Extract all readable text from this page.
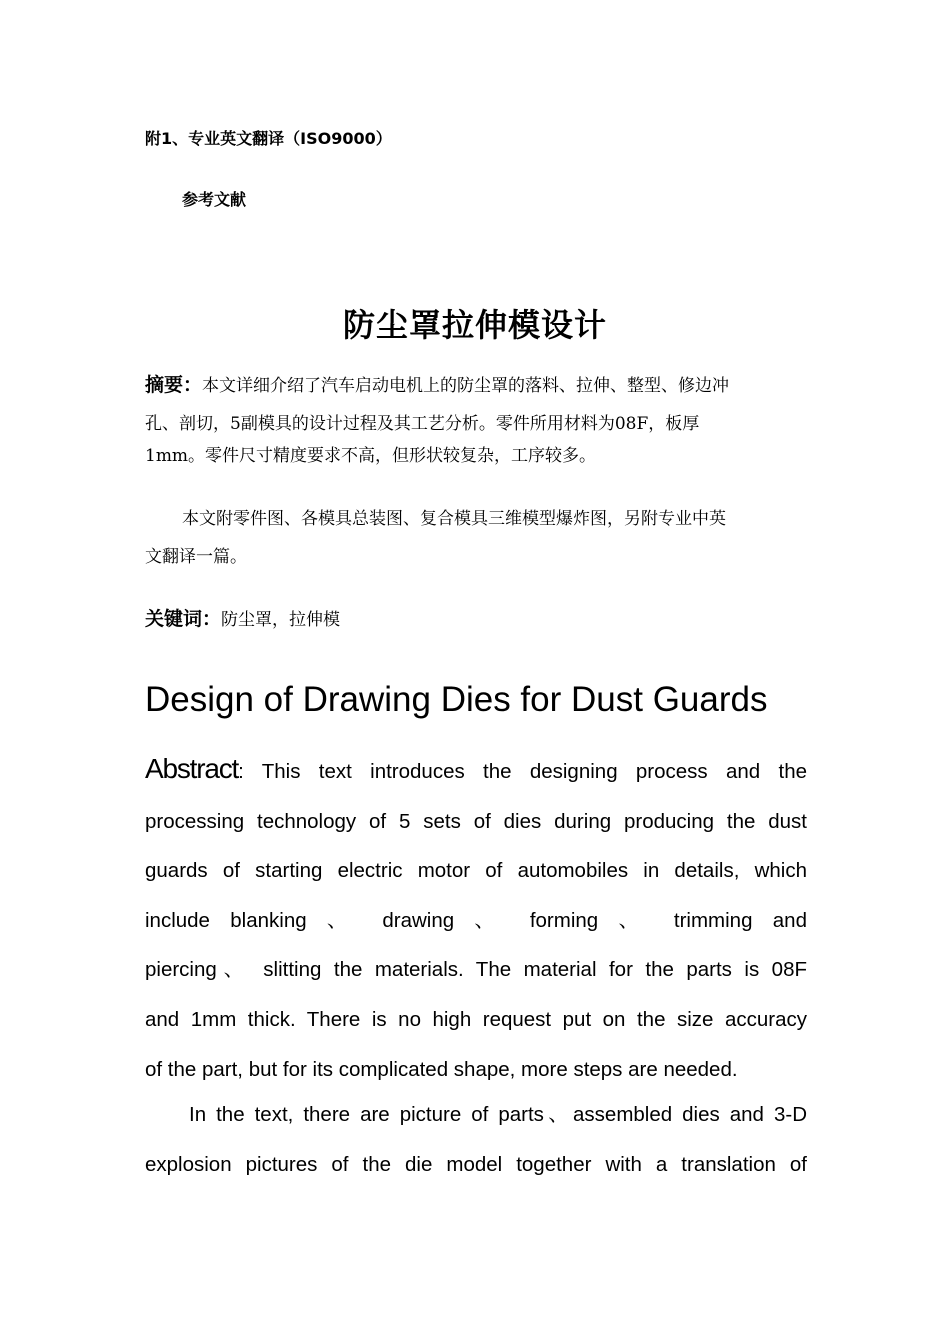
附1、专业英文翻译（ISO9000）
参考文献
防尘罩拉伸模设计
摘要：本文详细介绍了汽车启动电机上的防尘罩的落料、拉伸、整型、修边冲
孔、剖切，5副模具的设计过程及其工艺分析。零件所用材料为08F，板厚
1mm。零件尺寸精度要求不高，但形状较复杂，工序较多。
本文附零件图、各模具总装图、复合模具三维模型爆炸图，另附专业中英
文翻译一篇。
关键词：防尘罩，拉伸模
Design of Drawing Dies for Dust Guards
Abstract: This text introduces the designing process and the
processing technology of 5 sets of dies during producing the dust
guards of starting electric motor of automobiles in details, which
include blanking 、 drawing 、 forming 、 trimming and
piercing、 slitting the materials. The material for the parts is 08F
and 1mm thick. There is no high request put on the size accuracy
of the part, but for its complicated shape, more steps are needed.
In the text, there are picture of parts、assembled dies and 3-D
explosion pictures of the die model together with a translation of
